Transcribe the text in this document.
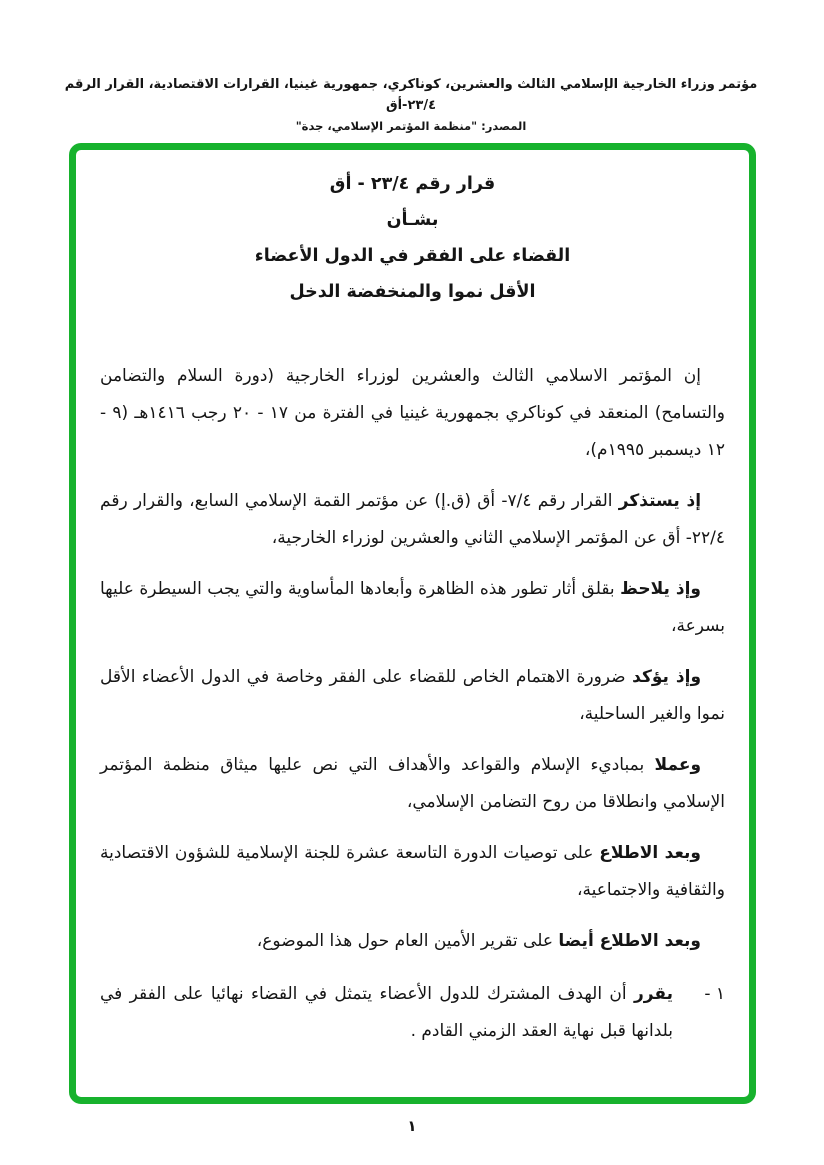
مؤتمر وزراء الخارجية الإسلامي الثالث والعشرين، كوناكري، جمهورية غينيا، القرارات الاقتصادية، القرار الرقم ٢٣/٤-أق
المصدر: "منظمة المؤتمر الإسلامي، جدة"
قرار رقم ٢٣/٤ - أق
بشـأن
القضاء على الفقر في الدول الأعضاء
الأقل نموا والمنخفضة الدخل

إن المؤتمر الاسلامي الثالث والعشرين لوزراء الخارجية (دورة السلام والتضامن والتسامح) المنعقد في كوناكري بجمهورية غينيا في الفترة من ١٧ - ٢٠ رجب ١٤١٦هـ (٩ - ١٢ ديسمبر ١٩٩٥م)،

إذ يستذكر القرار رقم ٧/٤- أق (ق.إ) عن مؤتمر القمة الإسلامي السابع، والقرار رقم ٢٢/٤- أق عن المؤتمر الإسلامي الثاني والعشرين لوزراء الخارجية،

وإذ يلاحظ بقلق أثار تطور هذه الظاهرة وأبعادها المأساوية والتي يجب السيطرة عليها بسرعة،

وإذ يؤكد ضرورة الاهتمام الخاص للقضاء على الفقر وخاصة في الدول الأعضاء الأقل نموا والغير الساحلية،

وعملا بمباديء الإسلام والقواعد والأهداف التي نص عليها ميثاق منظمة المؤتمر الإسلامي وانطلاقا من روح التضامن الإسلامي،

وبعد الاطلاع على توصيات الدورة التاسعة عشرة للجنة الإسلامية للشؤون الاقتصادية والثقافية والاجتماعية،

وبعد الاطلاع أيضا على تقرير الأمين العام حول هذا الموضوع،

١ -
يقرر أن الهدف المشترك للدول الأعضاء يتمثل في القضاء نهائيا على الفقر في بلدانها قبل نهاية العقد الزمني القادم .
١
